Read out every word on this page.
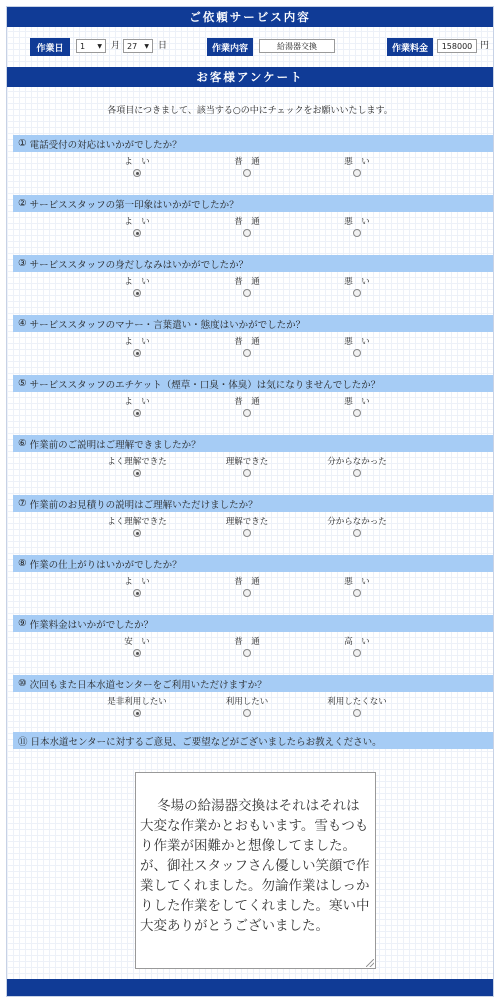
ご依頼サービス内容
作業日	1 ▼ 月 27 ▼ 日	作業内容	給湯器交換	作業料金	158000 円
お客様アンケート
各項目につきまして、該当する○の中にチェックをお願いいたします。
①
電話受付の対応はいかがでしたか？
よ　い	普　通	悪　い
②
サービススタッフの第一印象はいかがでしたか？
よ　い	普　通	悪　い
③
サービススタッフの身だしなみはいかがでしたか？
よ　い	普　通	悪　い
④
サービススタッフのマナー・言葉遣い・態度はいかがでしたか？
よ　い	普　通	悪　い
⑤
サービススタッフのエチケット（煙草・口臭・体臭）は気になりませんでしたか？
よ　い	普　通	悪　い
⑥
作業前のご説明はご理解できましたか？
よく理解できた	理解できた	分からなかった
⑦
作業前のお見積りの説明はご理解いただけましたか？
よく理解できた	理解できた	分からなかった
⑧
作業の仕上がりはいかがでしたか？
よ　い	普　通	悪　い
⑨
作業料金はいかがでしたか？
安　い	普　通	高　い
⑩
次回もまた日本水道センターをご利用いただけますか？
是非利用したい	利用したい	利用したくない
⑪
日本水道センターに対するご意見、ご要望などがございましたらお教えください。

冬場の給湯器交換はそれはそれは大変な作業かとおもいます。雪もつもり作業が困難かと想像してました。が、御社スタッフさん優しい笑顔で作業してくれました。勿論作業はしっかりした作業をしてくれました。寒い中大変ありがとうございました。
